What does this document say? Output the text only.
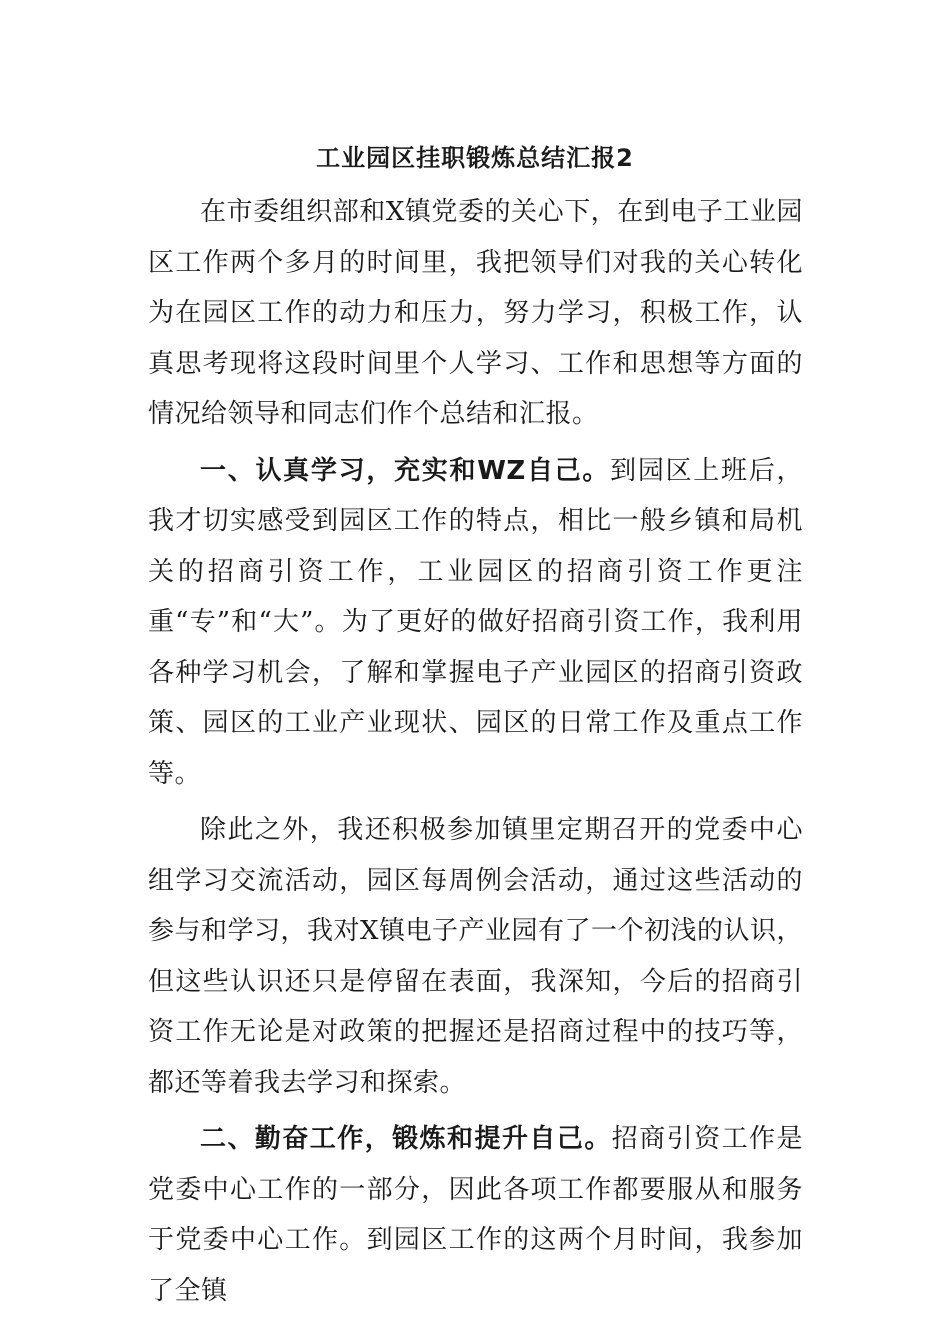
工业园区挂职锻炼总结汇报2

在市委组织部和X镇党委的关心下，在到电子工业园区工作两个多月的时间里，我把领导们对我的关心转化为在园区工作的动力和压力，努力学习，积极工作，认真思考现将这段时间里个人学习、工作和思想等方面的情况给领导和同志们作个总结和汇报。

一、认真学习，充实和WZ自己。到园区上班后，我才切实感受到园区工作的特点，相比一般乡镇和局机关的招商引资工作，工业园区的招商引资工作更注重“专”和“大”。为了更好的做好招商引资工作，我利用各种学习机会，了解和掌握电子产业园区的招商引资政策、园区的工业产业现状、园区的日常工作及重点工作等。

除此之外，我还积极参加镇里定期召开的党委中心组学习交流活动，园区每周例会活动，通过这些活动的参与和学习，我对X镇电子产业园有了一个初浅的认识，但这些认识还只是停留在表面，我深知，今后的招商引资工作无论是对政策的把握还是招商过程中的技巧等，都还等着我去学习和探索。

二、勤奋工作，锻炼和提升自己。招商引资工作是党委中心工作的一部分，因此各项工作都要服从和服务于党委中心工作。到园区工作的这两个月时间，我参加了全镇
